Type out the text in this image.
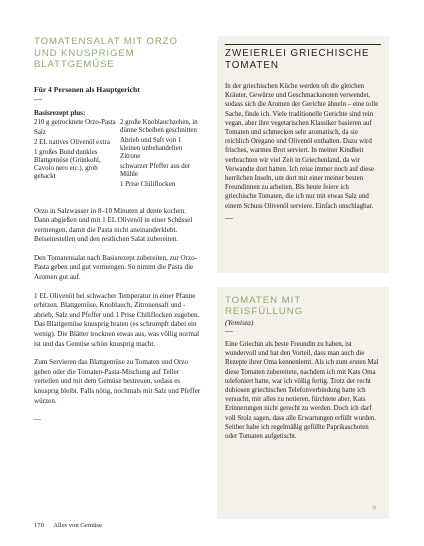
TOMATENSALAT MIT ORZO UND KNUSPRIGEM BLATTGEMÜSE
Für 4 Personen als Hauptgericht
—
Basisrezept plus:
210 g getrocknete Orzo-Pasta
Salz
2 EL natives Olivenöl extra
1 großes Bund dunkles Blattgemüse (Grünkohl, Cavolo nero etc.), grob gehackt
2 große Knoblauchzehen, in dünne Scheiben geschnitten
Abrieb und Saft von 1 kleinen unbehandelten Zitrone
schwarzer Pfeffer aus der Mühle
1 Prise Chiliflocken

Orzo in Salzwasser in 8–10 Minuten al dente kochen. Dann abgießen und mit 1 EL Olivenöl in einer Schüssel vermengen, damit die Pasta nicht aneinanderklebt. Beiseitestellen und den restlichen Salat zubereiten.

Den Tomatensalat nach Basisrezept zubereiten, zur Orzo-Pasta geben und gut vermengen. So nimmt die Pasta die Aromen gut auf.

1 EL Olivenöl bei schwacher Temperatur in einer Pfanne erhitzen. Blattgemüse, Knoblauch, Zitronensaft und -abrieb, Salz und Pfeffer und 1 Prise Chiliflocken zugeben. Das Blattgemüse knusprig braten (es schrumpft dabei ein wenig). Die Blätter trocknen etwas aus, was völlig normal ist und das Gemüse schön knusprig macht.

Zum Servieren das Blattgemüse zu Tomaten und Orzo geben oder die Tomaten-Pasta-Mischung auf Teller verteilen und mit dem Gemüse bestreuen, sodass es knusprig bleibt. Falls nötig, nochmals mit Salz und Pfeffer würzen.

—

ZWEIERLEI GRIECHISCHE TOMATEN
In der griechischen Küche werden oft die gleichen Kräuter, Gewürze und Geschmacksnoten verwendet, sodass sich die Aromen der Gerichte ähneln – eine tolle Sache, finde ich. Viele traditionelle Gerichte sind rein vegan, aber ihre vegetarischen Klassiker basieren auf Tomaten und schmecken sehr aromatisch, da sie reichlich Oregano und Olivenöl enthalten. Dazu wird frisches, warmes Brot serviert. In meiner Kindheit verbrachten wir viel Zeit in Griechenland, da wir Verwandte dort hatten. Ich reise immer noch auf diese herrlichen Inseln, um dort mit einer meiner besten Freundinnen zu arbeiten. Bis heute feiere ich griechische Tomaten, die ich nur mit etwas Salz und einem Schuss Olivenöl serviere. Einfach unschlagbar.
—
TOMATEN MIT REISFÜLLUNG
(Yemista)
—
Eine Griechin als beste Freundin zu haben, ist wundervoll und hat den Vorteil, dass man auch die Rezepte ihrer Oma kennenlernt. Als ich zum ersten Mal diese Tomaten zubereitete, nachdem ich mit Kats Oma telefoniert hatte, war ich völlig fertig. Trotz der recht dubiosen griechischen Telefonverbindung hatte ich versucht, mir alles zu notieren, fürchtete aber, Kats Erinnerungen nicht gerecht zu werden. Doch ich darf voll Stolz sagen, dass alle Erwartungen erfüllt wurden. Seither habe ich regelmäßig gefüllte Paprikaschoten oder Tomaten aufgetischt.
»
170 Alles von Gemüse
